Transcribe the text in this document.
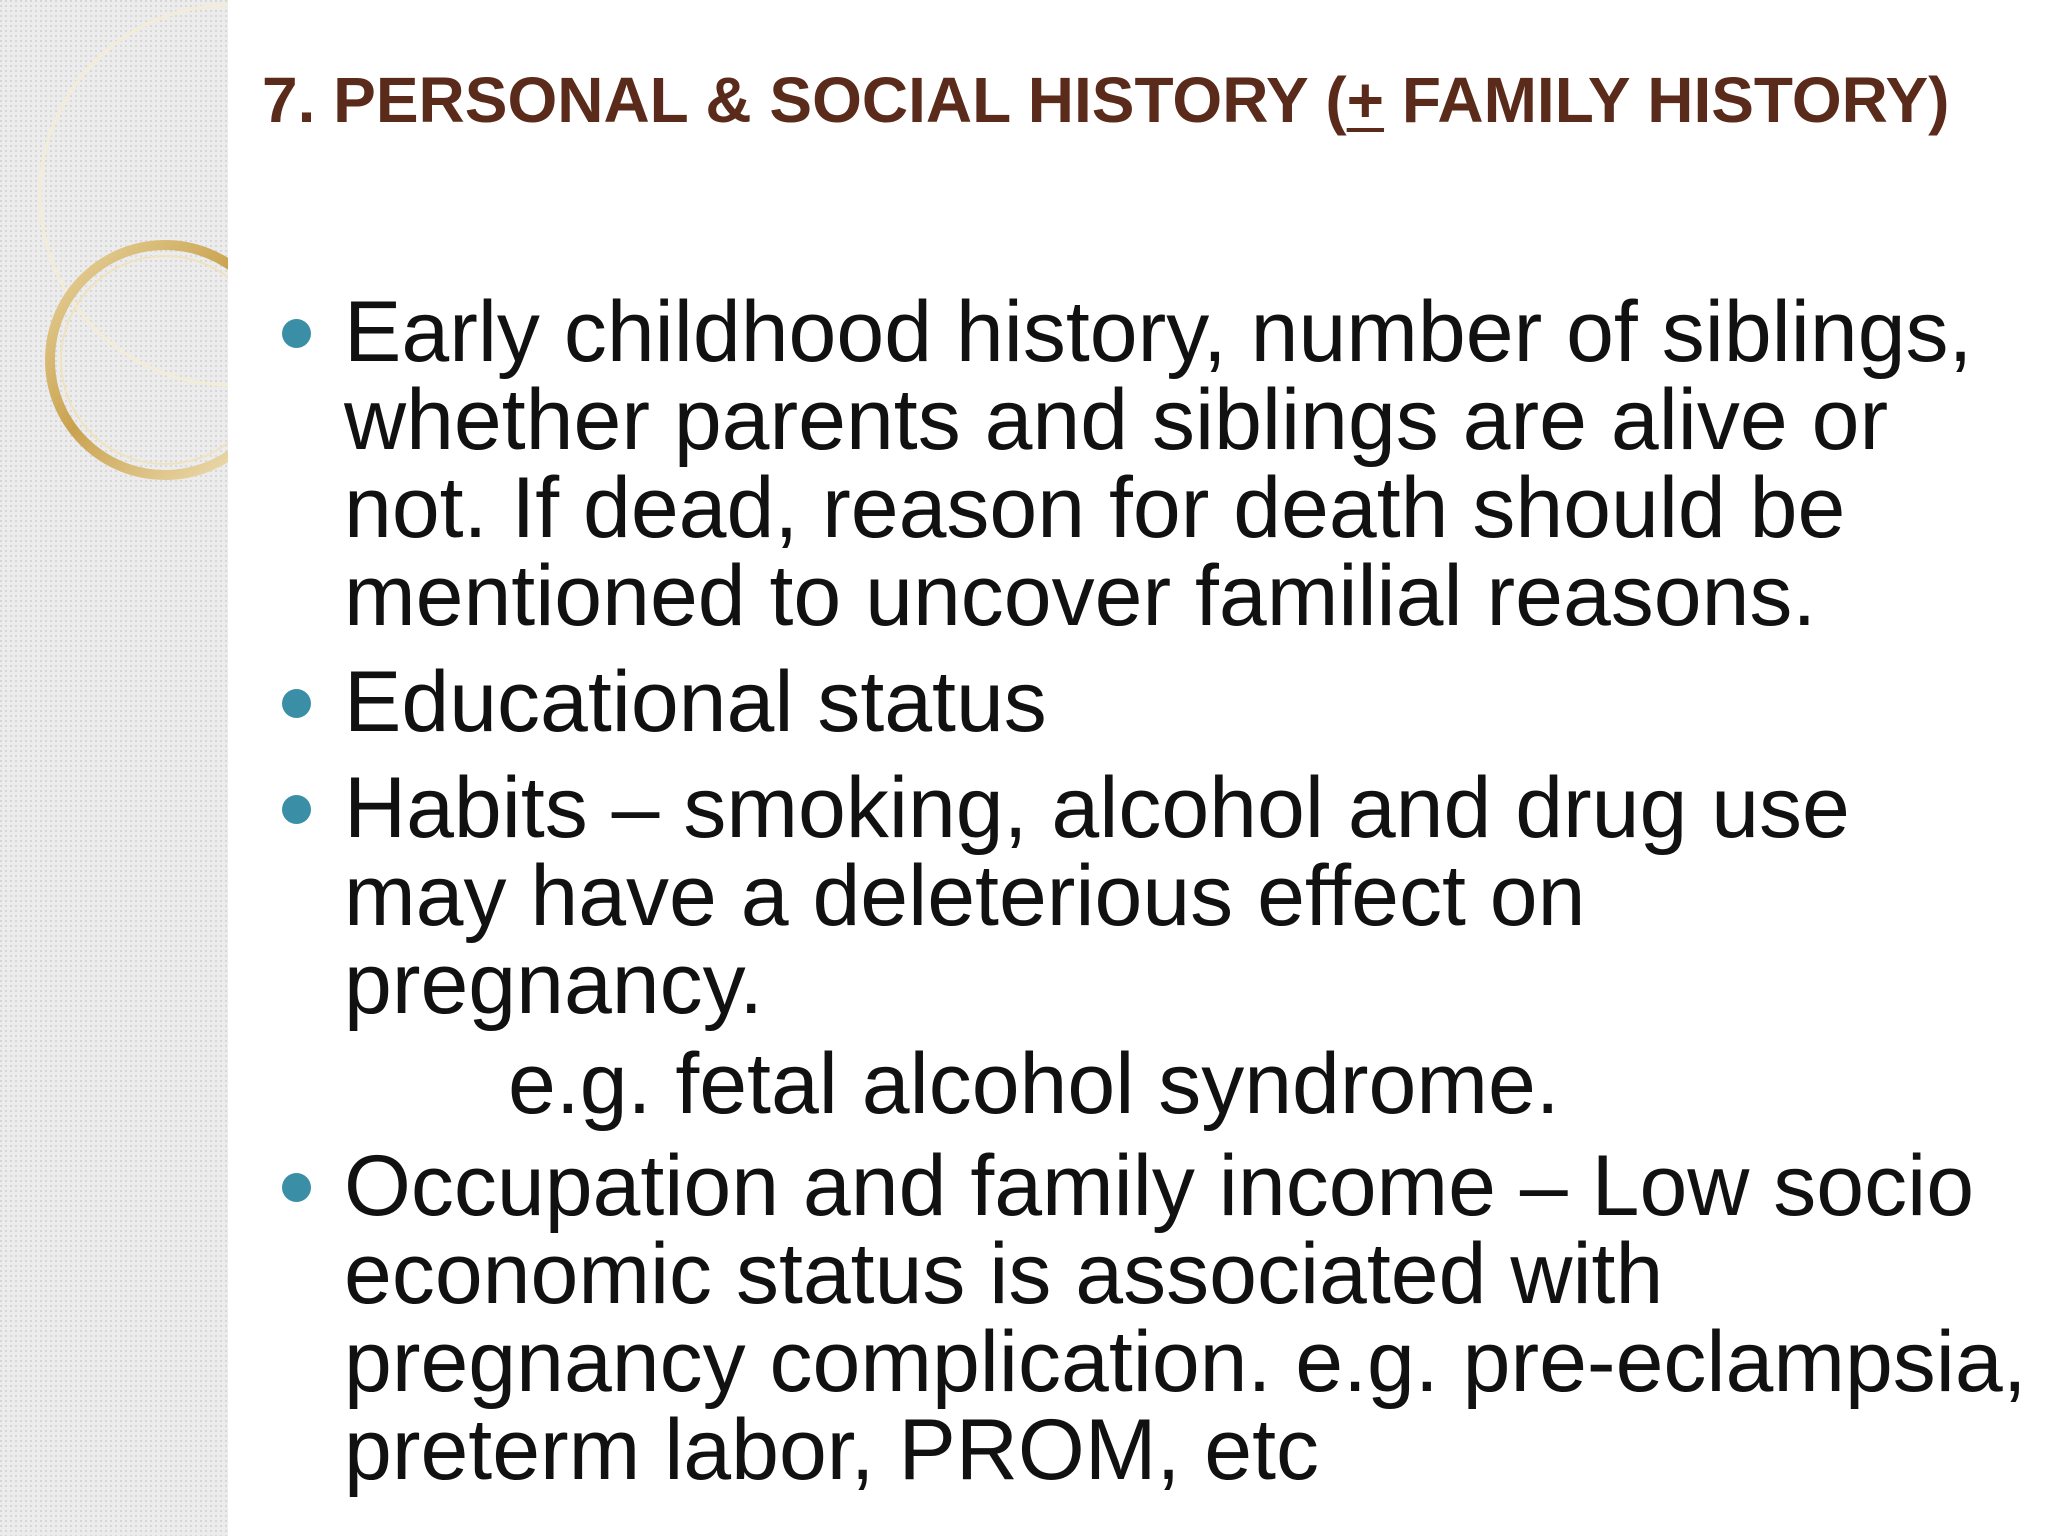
7. PERSONAL & SOCIAL HISTORY (+ FAMILY HISTORY)
Early childhood history, number of siblings, whether parents and siblings are alive or not. If dead, reason for death should be mentioned to uncover familial reasons.
Educational status
Habits – smoking, alcohol and drug use may have a deleterious effect on pregnancy.
e.g. fetal alcohol syndrome.
Occupation and family income – Low socio economic status is associated with pregnancy complication. e.g. pre-eclampsia, preterm labor, PROM, etc
